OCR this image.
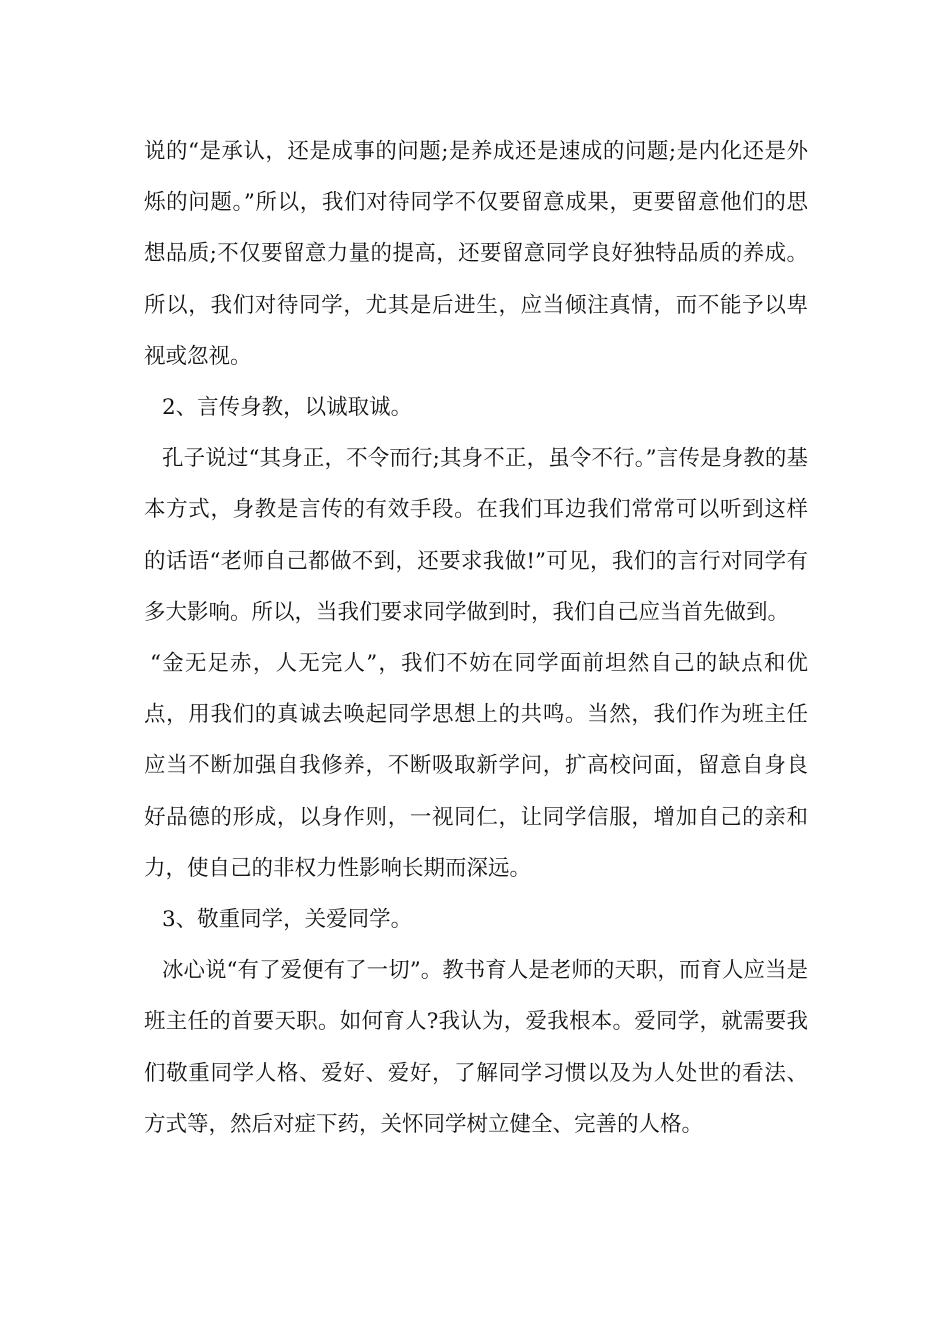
说的“是承认，还是成事的问题;是养成还是速成的问题;是内化还是外烁的问题。”所以，我们对待同学不仅要留意成果，更要留意他们的思想品质;不仅要留意力量的提高，还要留意同学良好独特品质的养成。所以，我们对待同学，尤其是后进生，应当倾注真情，而不能予以卑视或忽视。

2、言传身教，以诚取诚。

孔子说过“其身正，不令而行;其身不正，虽令不行。”言传是身教的基本方式，身教是言传的有效手段。在我们耳边我们常常可以听到这样的话语“老师自己都做不到，还要求我做!”可见，我们的言行对同学有多大影响。所以，当我们要求同学做到时，我们自己应当首先做到。

“金无足赤，人无完人”，我们不妨在同学面前坦然自己的缺点和优点，用我们的真诚去唤起同学思想上的共鸣。当然，我们作为班主任应当不断加强自我修养，不断吸取新学问，扩高校问面，留意自身良好品德的形成，以身作则，一视同仁，让同学信服，增加自己的亲和力，使自己的非权力性影响长期而深远。

3、敬重同学，关爱同学。

冰心说“有了爱便有了一切”。教书育人是老师的天职，而育人应当是班主任的首要天职。如何育人?我认为，爱我根本。爱同学，就需要我们敬重同学人格、爱好、爱好，了解同学习惯以及为人处世的看法、方式等，然后对症下药，关怀同学树立健全、完善的人格。
